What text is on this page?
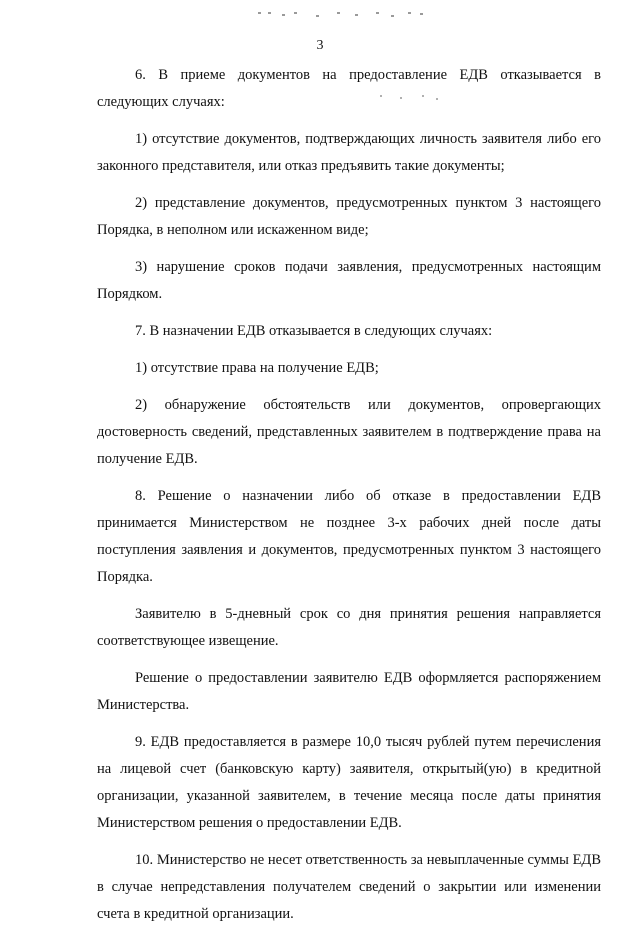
3

6. В приеме документов на предоставление ЕДВ отказывается в следующих случаях:

1) отсутствие документов, подтверждающих личность заявителя либо его законного представителя, или отказ предъявить такие документы;

2) представление документов, предусмотренных пунктом 3 настоящего Порядка, в неполном или искаженном виде;

3) нарушение сроков подачи заявления, предусмотренных настоящим Порядком.

7. В назначении ЕДВ отказывается в следующих случаях:

1) отсутствие права на получение ЕДВ;

2) обнаружение обстоятельств или документов, опровергающих достоверность сведений, представленных заявителем в подтверждение права на получение ЕДВ.

8. Решение о назначении либо об отказе в предоставлении ЕДВ принимается Министерством не позднее 3-х рабочих дней после даты поступления заявления и документов, предусмотренных пунктом 3 настоящего Порядка.

Заявителю в 5-дневный срок со дня принятия решения направляется соответствующее извещение.

Решение о предоставлении заявителю ЕДВ оформляется распоряжением Министерства.

9. ЕДВ предоставляется в размере 10,0 тысяч рублей путем перечисления на лицевой счет (банковскую карту) заявителя, открытый(ую) в кредитной организации, указанной заявителем, в течение месяца после даты принятия Министерством решения о предоставлении ЕДВ.

10. Министерство не несет ответственность за невыплаченные суммы ЕДВ в случае непредставления получателем сведений о закрытии или изменении счета в кредитной организации.
